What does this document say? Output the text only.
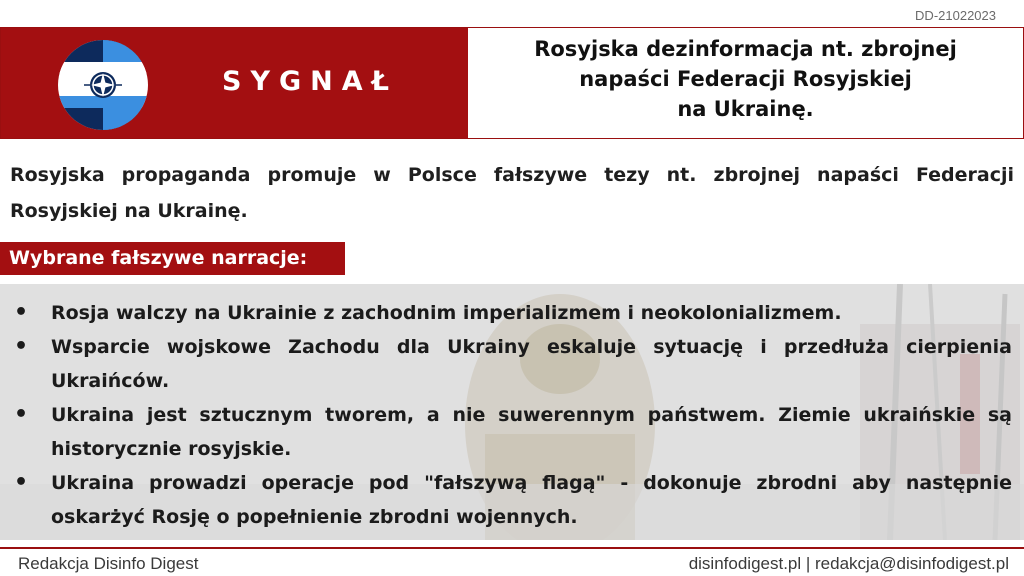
DD-21022023
SYGNAŁ
Rosyjska dezinformacja nt. zbrojnej
napaści Federacji Rosyjskiej
na Ukrainę.
Rosyjska propaganda promuje w Polsce fałszywe tezy nt. zbrojnej napaści Federacji Rosyjskiej na Ukrainę.
Wybrane fałszywe narracje:
• Rosja walczy na Ukrainie z zachodnim imperializmem i neokolonializmem.
• Wsparcie wojskowe Zachodu dla Ukrainy eskaluje sytuację i przedłuża cierpienia Ukraińców.
• Ukraina jest sztucznym tworem, a nie suwerennym państwem. Ziemie ukraińskie są historycznie rosyjskie.
• Ukraina prowadzi operacje pod "fałszywą flagą" - dokonuje zbrodni aby następnie oskarżyć Rosję o popełnienie zbrodni wojennych.
Redakcja Disinfo Digest	disinfodigest.pl | redakcja@disinfodigest.pl
